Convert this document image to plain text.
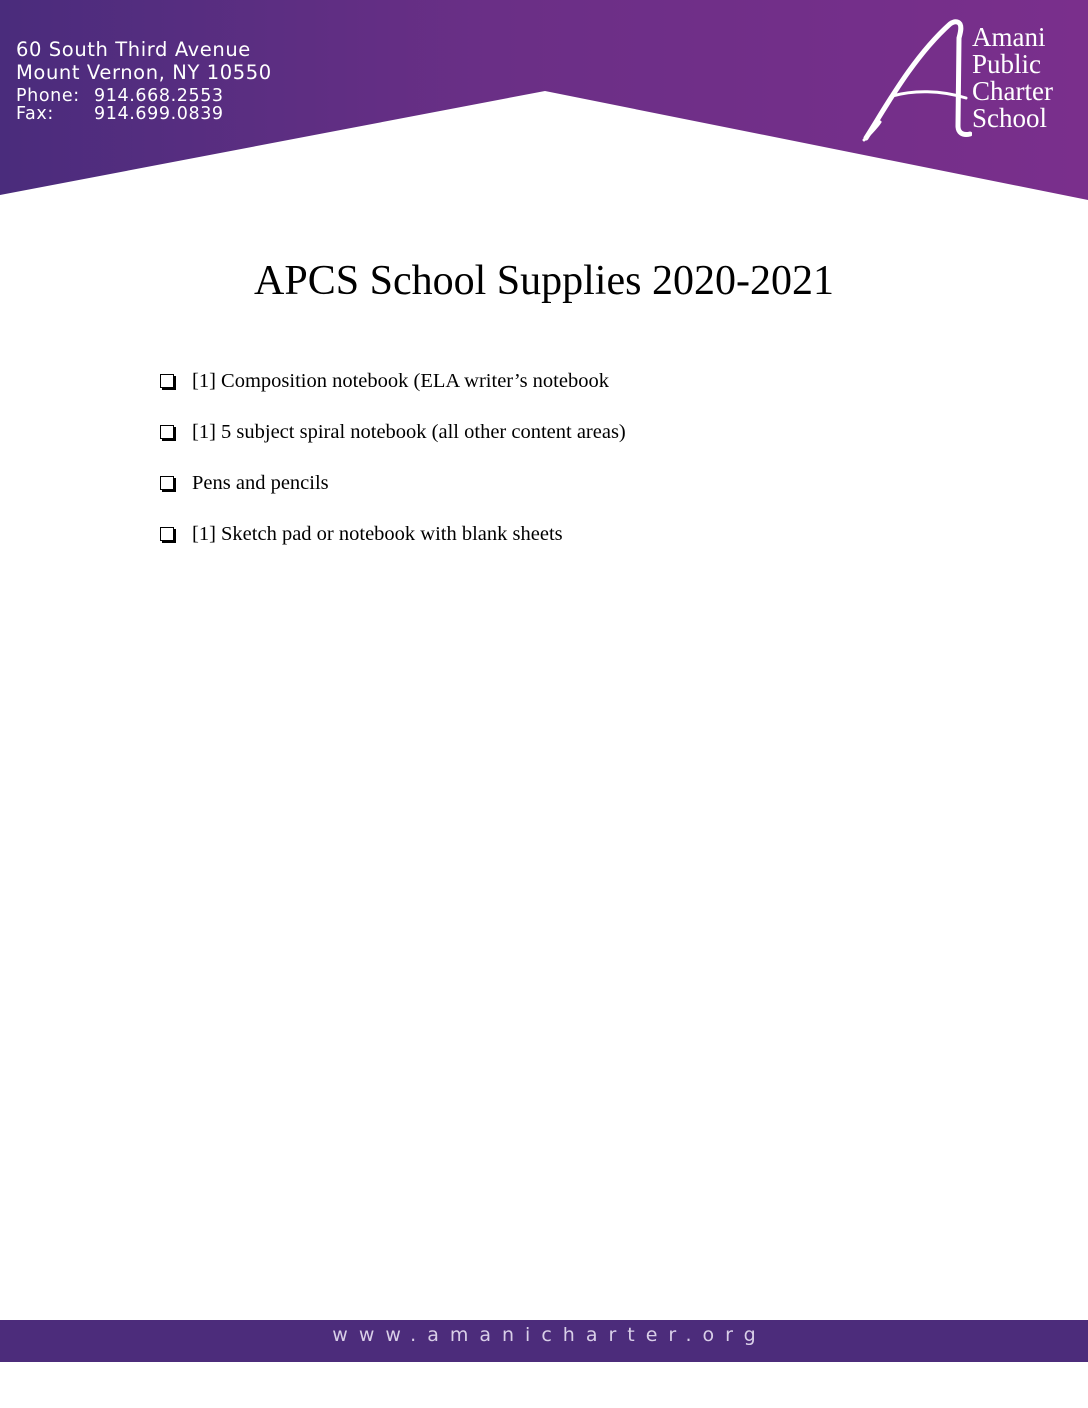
60 South Third Avenue
Mount Vernon, NY 10550
Phone: 914.668.2553
Fax:	914.699.0839
Amani
Public
Charter
School
APCS School Supplies 2020-2021
[1] Composition notebook (ELA writer’s notebook
[1] 5 subject spiral notebook (all other content areas)
Pens and pencils
[1] Sketch pad or notebook with blank sheets
www.amanicharter.org
